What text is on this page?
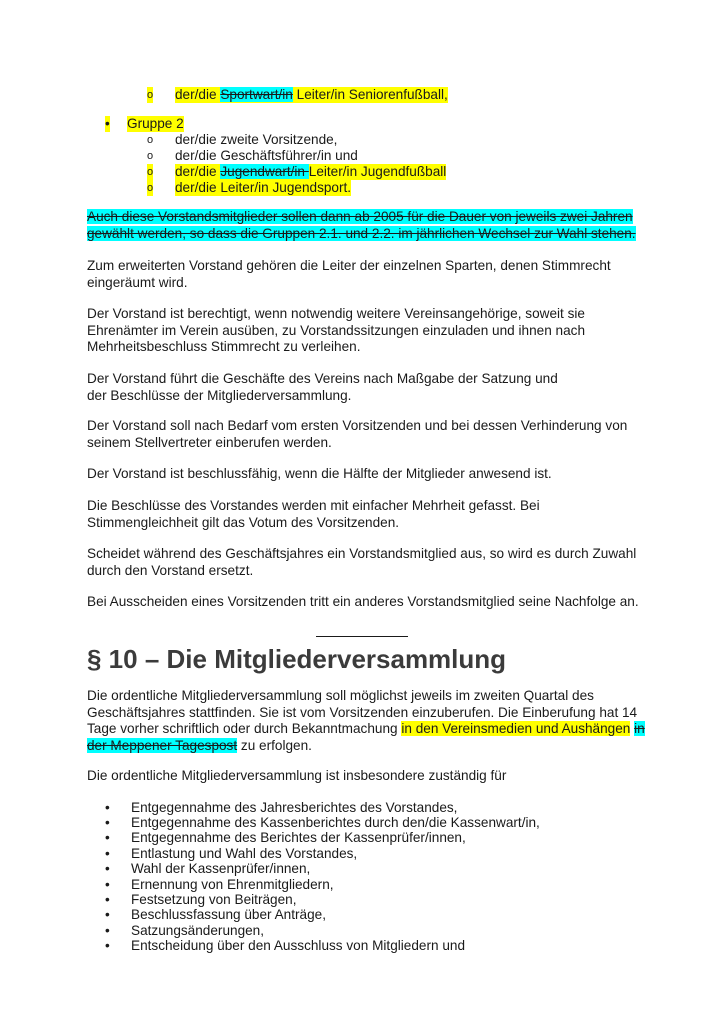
o der/die Sportwart/in Leiter/in Seniorenfußball,
• Gruppe 2
o der/die zweite Vorsitzende,
o der/die Geschäftsführer/in und
o der/die Jugendwart/in Leiter/in Jugendfußball
o der/die Leiter/in Jugendsport.

Auch diese Vorstandsmitglieder sollen dann ab 2005 für die Dauer von jeweils zwei Jahren gewählt werden, so dass die Gruppen 2.1. und 2.2. im jährlichen Wechsel zur Wahl stehen.

Zum erweiterten Vorstand gehören die Leiter der einzelnen Sparten, denen Stimmrecht eingeräumt wird.

Der Vorstand ist berechtigt, wenn notwendig weitere Vereinsangehörige, soweit sie Ehrenämter im Verein ausüben, zu Vorstandssitzungen einzuladen und ihnen nach Mehrheitsbeschluss Stimmrecht zu verleihen.

Der Vorstand führt die Geschäfte des Vereins nach Maßgabe der Satzung und der Beschlüsse der Mitgliederversammlung.

Der Vorstand soll nach Bedarf vom ersten Vorsitzenden und bei dessen Verhinderung von seinem Stellvertreter einberufen werden.

Der Vorstand ist beschlussfähig, wenn die Hälfte der Mitglieder anwesend ist.

Die Beschlüsse des Vorstandes werden mit einfacher Mehrheit gefasst. Bei Stimmengleichheit gilt das Votum des Vorsitzenden.

Scheidet während des Geschäftsjahres ein Vorstandsmitglied aus, so wird es durch Zuwahl durch den Vorstand ersetzt.

Bei Ausscheiden eines Vorsitzenden tritt ein anderes Vorstandsmitglied seine Nachfolge an.

§ 10 – Die Mitgliederversammlung

Die ordentliche Mitgliederversammlung soll möglichst jeweils im zweiten Quartal des Geschäftsjahres stattfinden. Sie ist vom Vorsitzenden einzuberufen. Die Einberufung hat 14 Tage vorher schriftlich oder durch Bekanntmachung in den Vereinsmedien und Aushängen in der Meppener Tagespost zu erfolgen.

Die ordentliche Mitgliederversammlung ist insbesondere zuständig für

• Entgegennahme des Jahresberichtes des Vorstandes,
• Entgegennahme des Kassenberichtes durch den/die Kassenwart/in,
• Entgegennahme des Berichtes der Kassenprüfer/innen,
• Entlastung und Wahl des Vorstandes,
• Wahl der Kassenprüfer/innen,
• Ernennung von Ehrenmitgliedern,
• Festsetzung von Beiträgen,
• Beschlussfassung über Anträge,
• Satzungsänderungen,
• Entscheidung über den Ausschluss von Mitgliedern und
